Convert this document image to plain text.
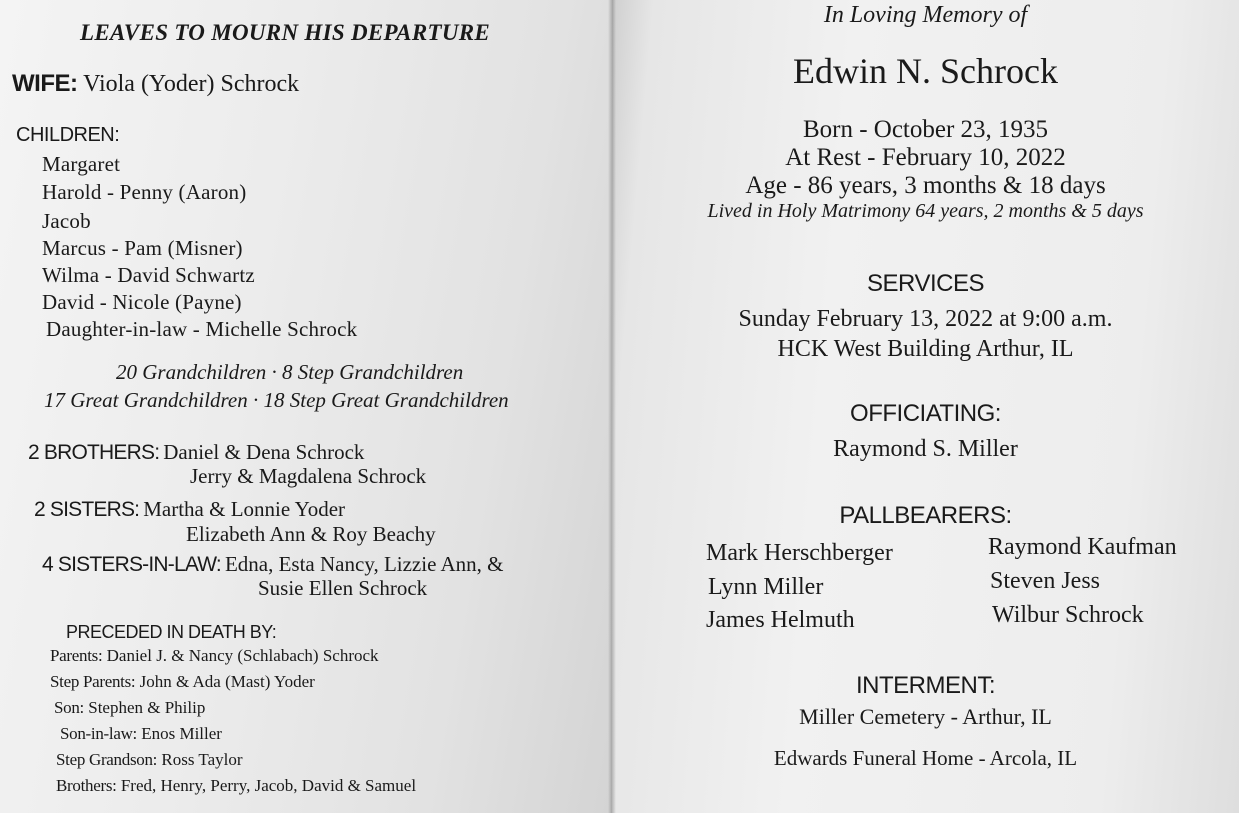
LEAVES TO MOURN HIS DEPARTURE
WIFE: Viola (Yoder) Schrock
CHILDREN:
Margaret
Harold - Penny (Aaron)
Jacob
Marcus - Pam (Misner)
Wilma - David Schwartz
David - Nicole (Payne)
Daughter-in-law - Michelle Schrock
20 Grandchildren · 8 Step Grandchildren
17 Great Grandchildren · 18 Step Great Grandchildren
2 BROTHERS: Daniel & Dena Schrock
Jerry & Magdalena Schrock
2 SISTERS: Martha & Lonnie Yoder
Elizabeth Ann & Roy Beachy
4 SISTERS-IN-LAW: Edna, Esta Nancy, Lizzie Ann, &
Susie Ellen Schrock
PRECEDED IN DEATH BY:
Parents: Daniel J. & Nancy (Schlabach) Schrock
Step Parents: John & Ada (Mast) Yoder
Son: Stephen & Philip
Son-in-law: Enos Miller
Step Grandson: Ross Taylor
Brothers: Fred, Henry, Perry, Jacob, David & Samuel
In Loving Memory of
Edwin N. Schrock
Born - October 23, 1935
At Rest - February 10, 2022
Age - 86 years, 3 months & 18 days
Lived in Holy Matrimony 64 years, 2 months & 5 days
SERVICES
Sunday February 13, 2022 at 9:00 a.m.
HCK West Building Arthur, IL
OFFICIATING:
Raymond S. Miller
PALLBEARERS:
Mark Herschberger
Lynn Miller
James Helmuth
Raymond Kaufman
Steven Jess
Wilbur Schrock
INTERMENT:
Miller Cemetery - Arthur, IL
Edwards Funeral Home - Arcola, IL
